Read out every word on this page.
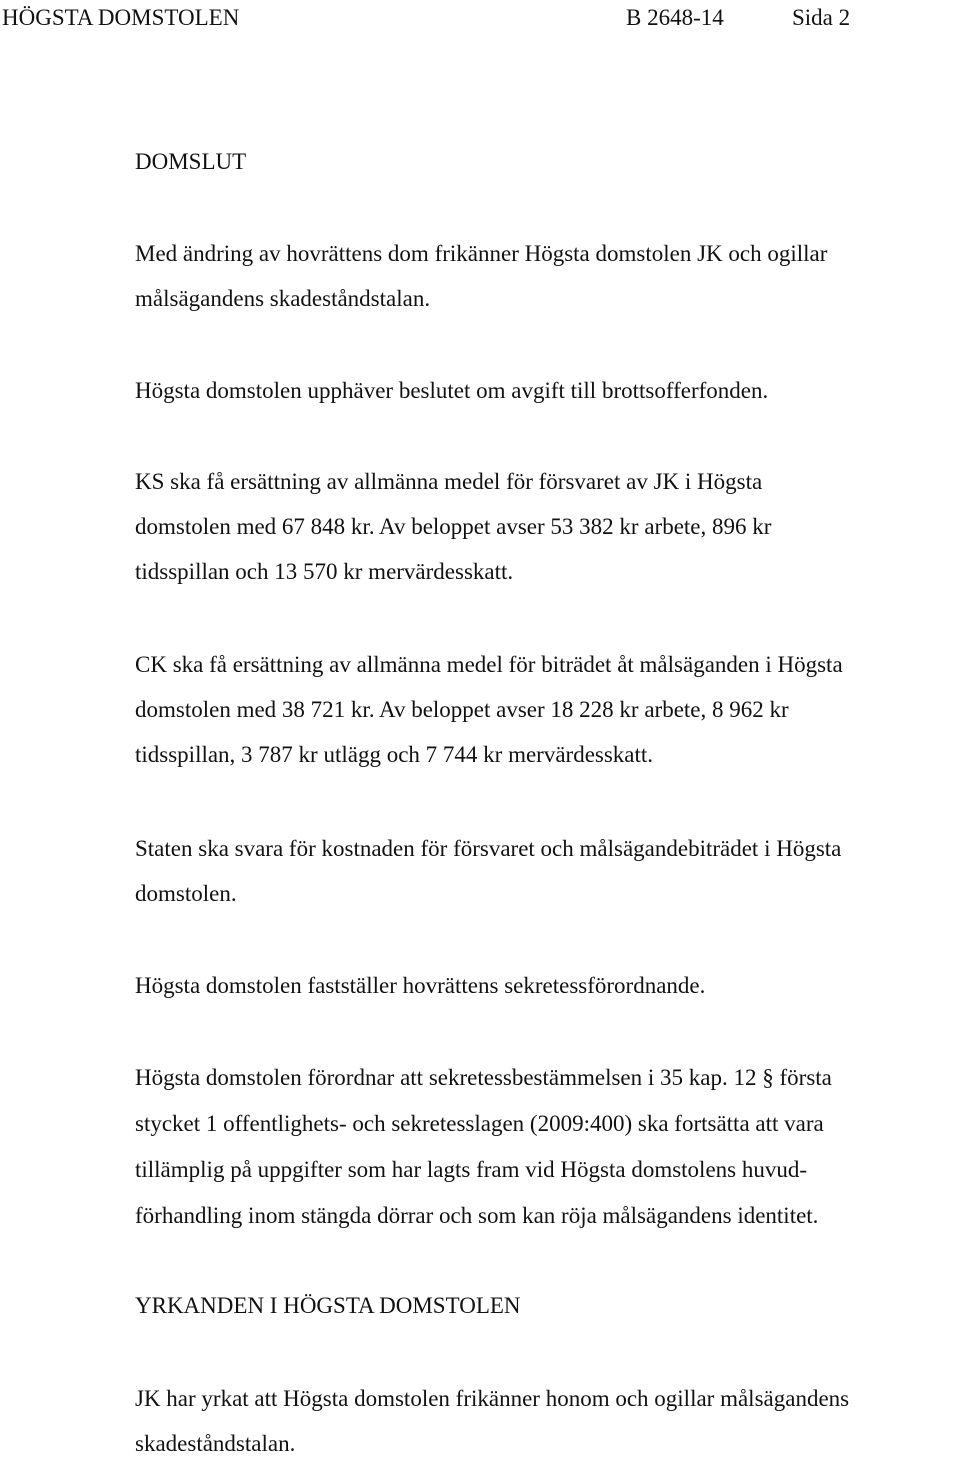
HÖGSTA DOMSTOLEN	B 2648-14	Sida 2
DOMSLUT
Med ändring av hovrättens dom frikänner Högsta domstolen JK och ogillar
målsägandens skadeståndstalan.
Högsta domstolen upphäver beslutet om avgift till brottsofferfonden.
KS ska få ersättning av allmänna medel för försvaret av JK i Högsta
domstolen med 67 848 kr. Av beloppet avser 53 382 kr arbete, 896 kr
tidsspillan och 13 570 kr mervärdesskatt.
CK ska få ersättning av allmänna medel för biträdet åt målsäganden i Högsta
domstolen med 38 721 kr. Av beloppet avser 18 228 kr arbete, 8 962 kr
tidsspillan, 3 787 kr utlägg och 7 744 kr mervärdesskatt.
Staten ska svara för kostnaden för försvaret och målsägandebiträdet i Högsta
domstolen.
Högsta domstolen fastställer hovrättens sekretessförordnande.
Högsta domstolen förordnar att sekretessbestämmelsen i 35 kap. 12 § första
stycket 1 offentlighets- och sekretesslagen (2009:400) ska fortsätta att vara
tillämplig på uppgifter som har lagts fram vid Högsta domstolens huvud-
förhandling inom stängda dörrar och som kan röja målsägandens identitet.
YRKANDEN I HÖGSTA DOMSTOLEN
JK har yrkat att Högsta domstolen frikänner honom och ogillar målsägandens
skadeståndstalan.
